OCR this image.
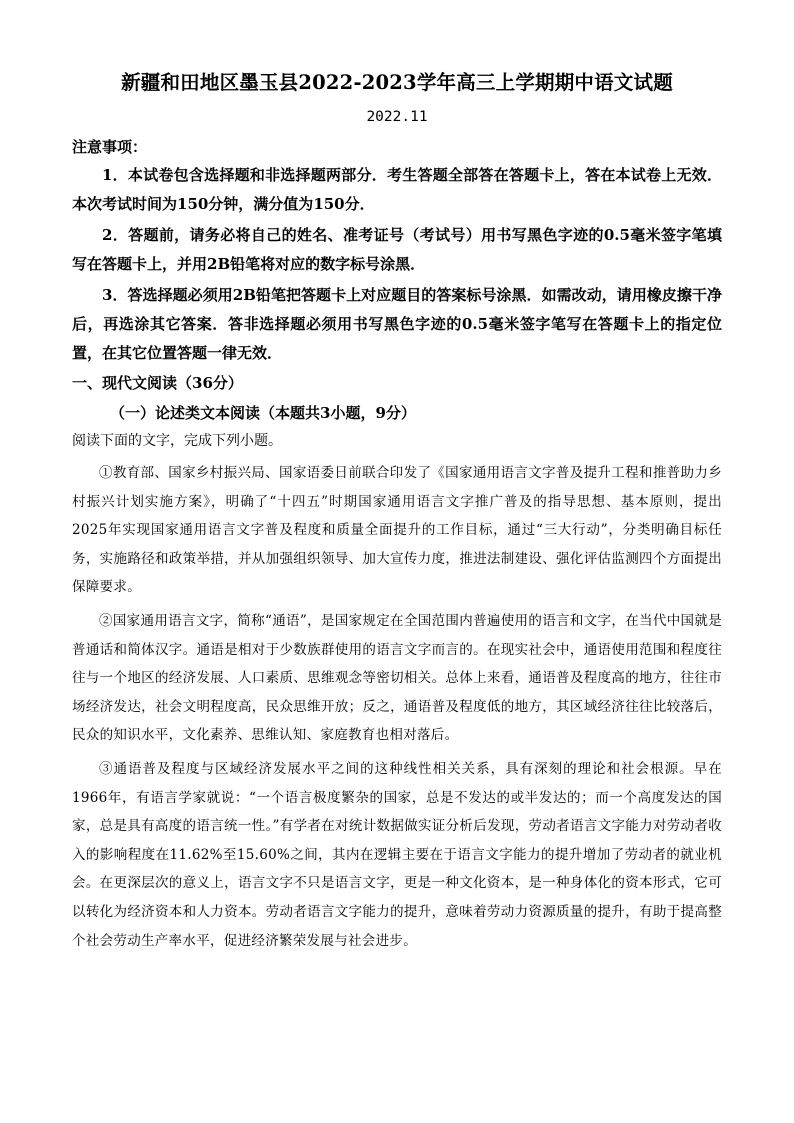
新疆和田地区墨玉县2022-2023学年高三上学期期中语文试题
2022.11
注意事项：

1．本试卷包含选择题和非选择题两部分．考生答题全部答在答题卡上，答在本试卷上无效．本次考试时间为150分钟，满分值为150分．

2．答题前，请务必将自己的姓名、准考证号（考试号）用书写黑色字迹的0.5毫米签字笔填写在答题卡上，并用2B铅笔将对应的数字标号涂黑．

3．答选择题必须用2B铅笔把答题卡上对应题目的答案标号涂黑．如需改动，请用橡皮擦干净后，再选涂其它答案．答非选择题必须用书写黑色字迹的0.5毫米签字笔写在答题卡上的指定位置，在其它位置答题一律无效．

一、现代文阅读（36分）
（一）论述类文本阅读（本题共3小题，9分）
阅读下面的文字，完成下列小题。

①教育部、国家乡村振兴局、国家语委日前联合印发了《国家通用语言文字普及提升工程和推普助力乡村振兴计划实施方案》，明确了“十四五”时期国家通用语言文字推广普及的指导思想、基本原则，提出2025年实现国家通用语言文字普及程度和质量全面提升的工作目标，通过“三大行动”，分类明确目标任务，实施路径和政策举措，并从加强组织领导、加大宣传力度，推进法制建设、强化评估监测四个方面提出保障要求。

②国家通用语言文字，简称“通语”，是国家规定在全国范围内普遍使用的语言和文字，在当代中国就是普通话和简体汉字。通语是相对于少数族群使用的语言文字而言的。在现实社会中，通语使用范围和程度往往与一个地区的经济发展、人口素质、思维观念等密切相关。总体上来看，通语普及程度高的地方，往往市场经济发达，社会文明程度高，民众思维开放；反之，通语普及程度低的地方，其区域经济往往比较落后，民众的知识水平，文化素养、思维认知、家庭教育也相对落后。

③通语普及程度与区域经济发展水平之间的这种线性相关关系，具有深刻的理论和社会根源。早在1966年，有语言学家就说：“一个语言极度繁杂的国家，总是不发达的或半发达的；而一个高度发达的国家，总是具有高度的语言统一性。”有学者在对统计数据做实证分析后发现，劳动者语言文字能力对劳动者收入的影响程度在11.62%至15.60%之间，其内在逻辑主要在于语言文字能力的提升增加了劳动者的就业机会。在更深层次的意义上，语言文字不只是语言文字，更是一种文化资本，是一种身体化的资本形式，它可以转化为经济资本和人力资本。劳动者语言文字能力的提升，意味着劳动力资源质量的提升，有助于提高整个社会劳动生产率水平，促进经济繁荣发展与社会进步。
